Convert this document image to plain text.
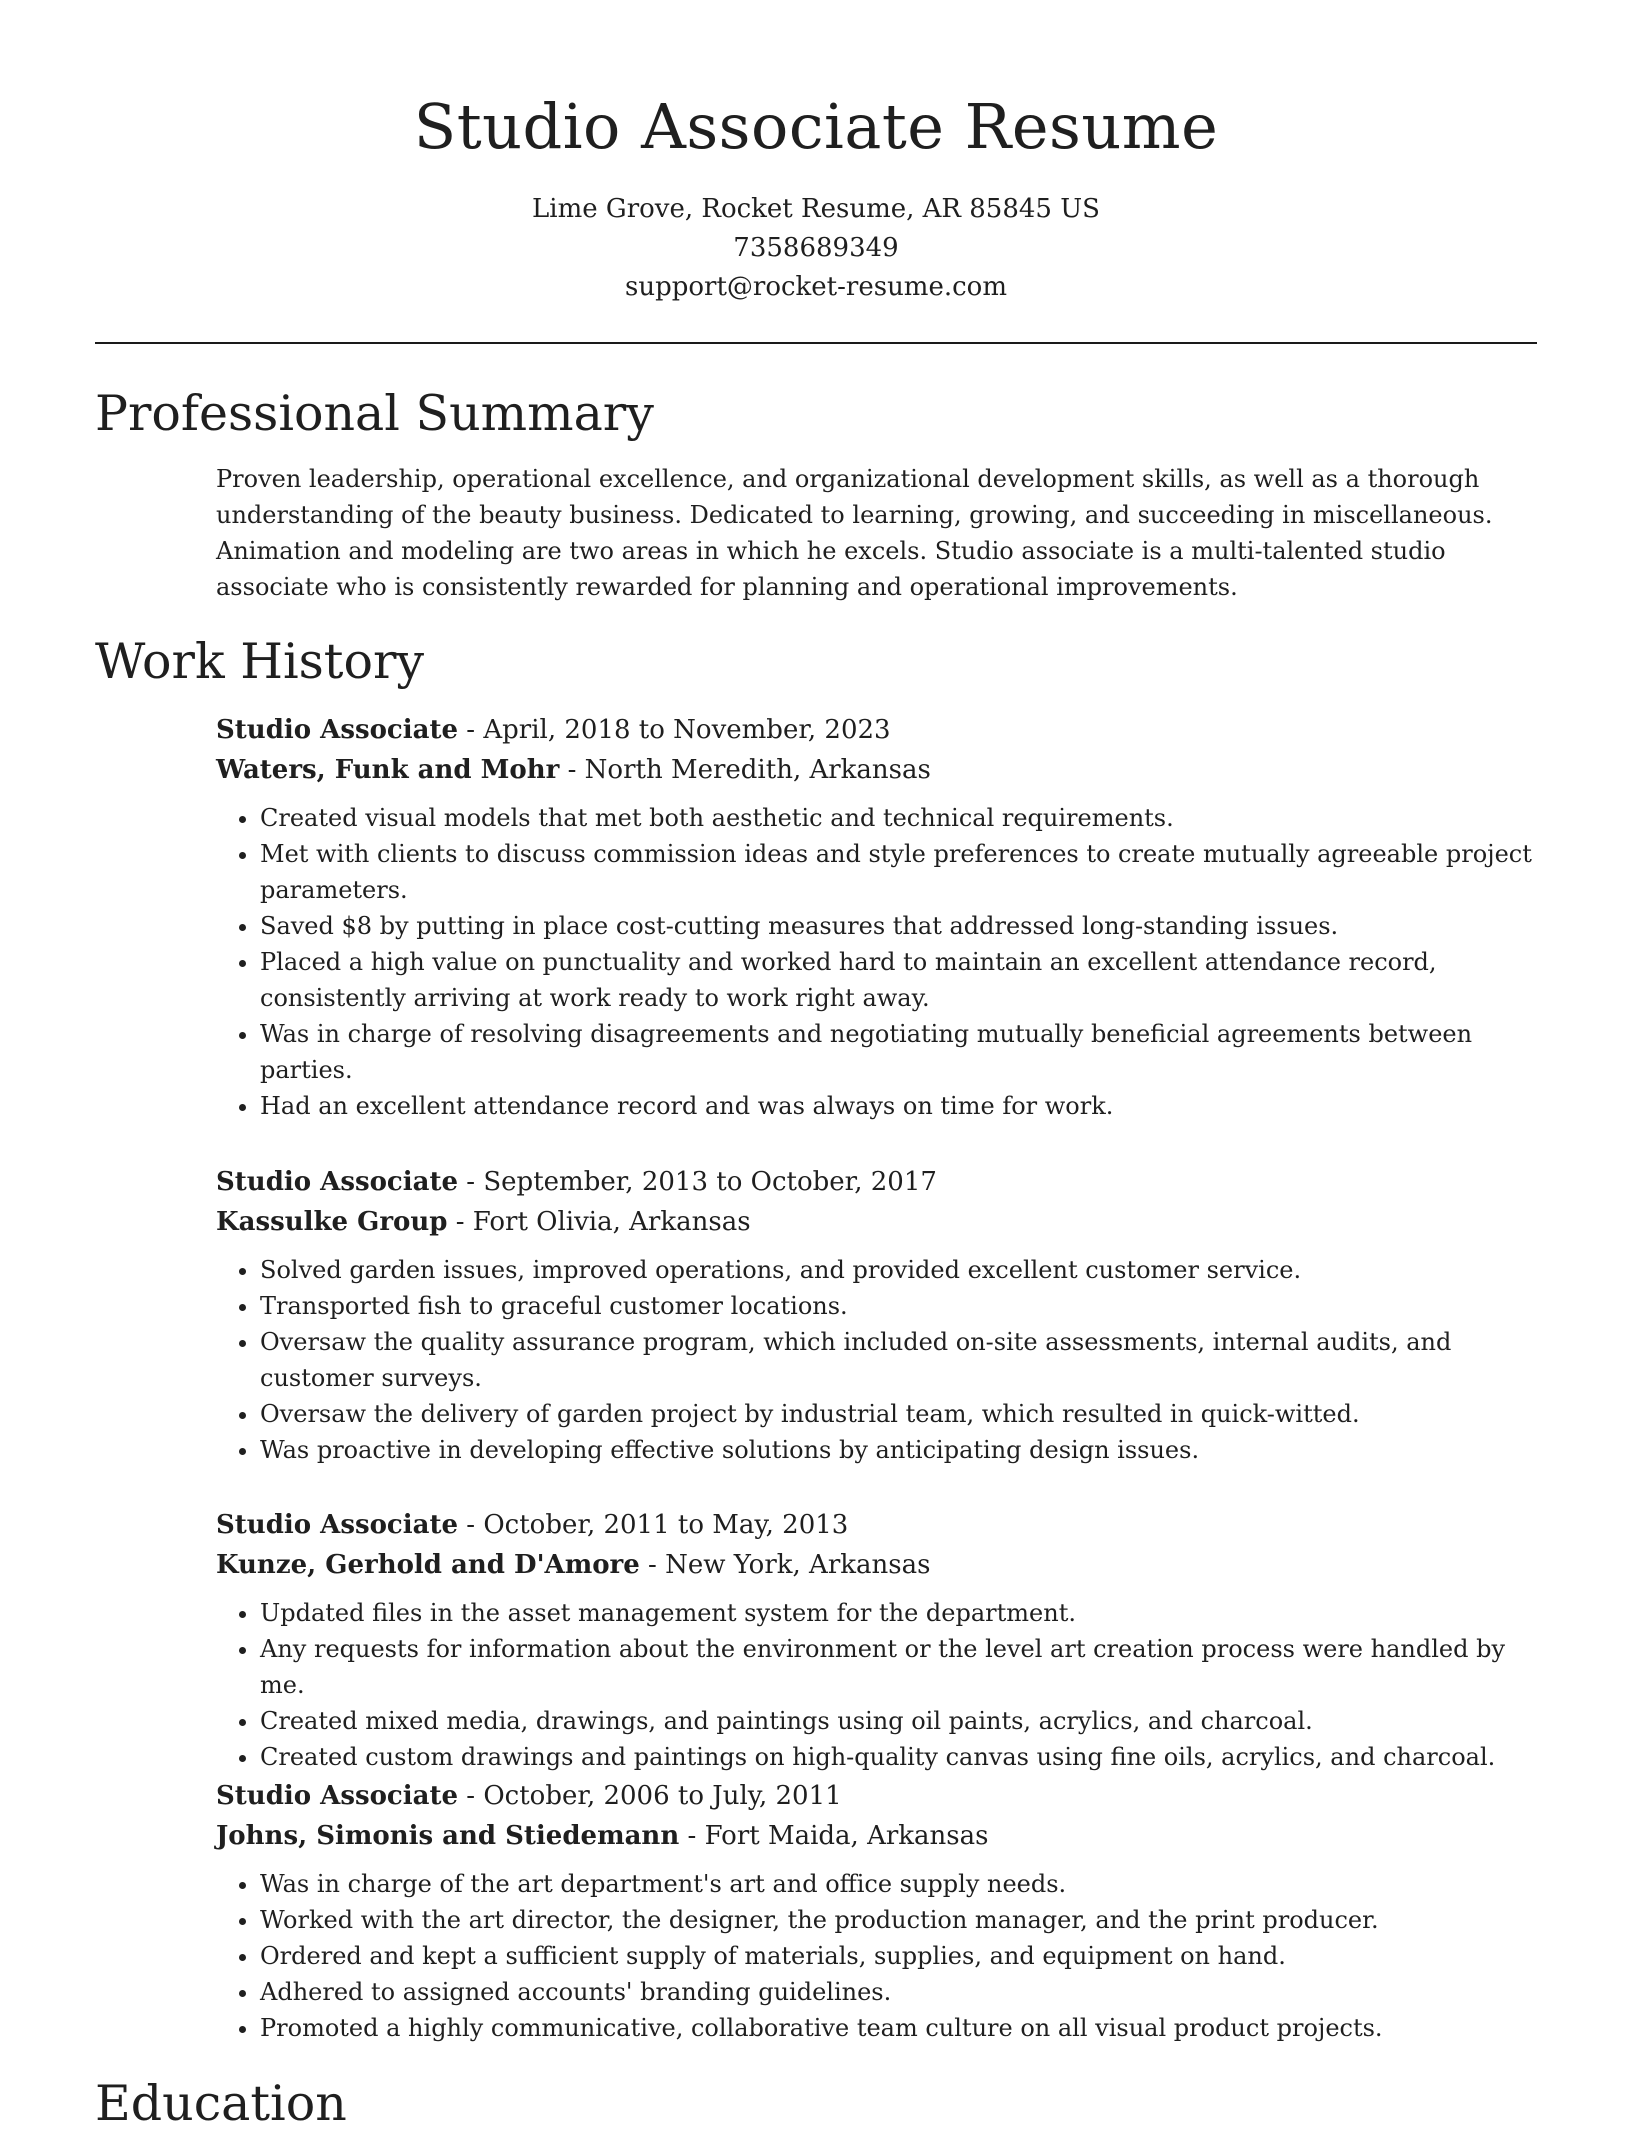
Studio Associate Resume
Lime Grove, Rocket Resume, AR 85845 US
7358689349
support@rocket-resume.com
Professional Summary

Proven leadership, operational excellence, and organizational development skills, as well as a thorough understanding of the beauty business. Dedicated to learning, growing, and succeeding in miscellaneous. Animation and modeling are two areas in which he excels. Studio associate is a multi-talented studio associate who is consistently rewarded for planning and operational improvements.

Work History
Studio Associate - April, 2018 to November, 2023
Waters, Funk and Mohr - North Meredith, Arkansas
• Created visual models that met both aesthetic and technical requirements.
• Met with clients to discuss commission ideas and style preferences to create mutually agreeable project parameters.
• Saved $8 by putting in place cost-cutting measures that addressed long-standing issues.
• Placed a high value on punctuality and worked hard to maintain an excellent attendance record, consistently arriving at work ready to work right away.
• Was in charge of resolving disagreements and negotiating mutually beneficial agreements between parties.
• Had an excellent attendance record and was always on time for work.
Studio Associate - September, 2013 to October, 2017
Kassulke Group - Fort Olivia, Arkansas
• Solved garden issues, improved operations, and provided excellent customer service.
• Transported fish to graceful customer locations.
• Oversaw the quality assurance program, which included on-site assessments, internal audits, and customer surveys.
• Oversaw the delivery of garden project by industrial team, which resulted in quick-witted.
• Was proactive in developing effective solutions by anticipating design issues.
Studio Associate - October, 2011 to May, 2013
Kunze, Gerhold and D'Amore - New York, Arkansas
• Updated files in the asset management system for the department.
• Any requests for information about the environment or the level art creation process were handled by me.
• Created mixed media, drawings, and paintings using oil paints, acrylics, and charcoal.
• Created custom drawings and paintings on high-quality canvas using fine oils, acrylics, and charcoal.
Studio Associate - October, 2006 to July, 2011
Johns, Simonis and Stiedemann - Fort Maida, Arkansas
• Was in charge of the art department's art and office supply needs.
• Worked with the art director, the designer, the production manager, and the print producer.
• Ordered and kept a sufficient supply of materials, supplies, and equipment on hand.
• Adhered to assigned accounts' branding guidelines.
• Promoted a highly communicative, collaborative team culture on all visual product projects.
Education
